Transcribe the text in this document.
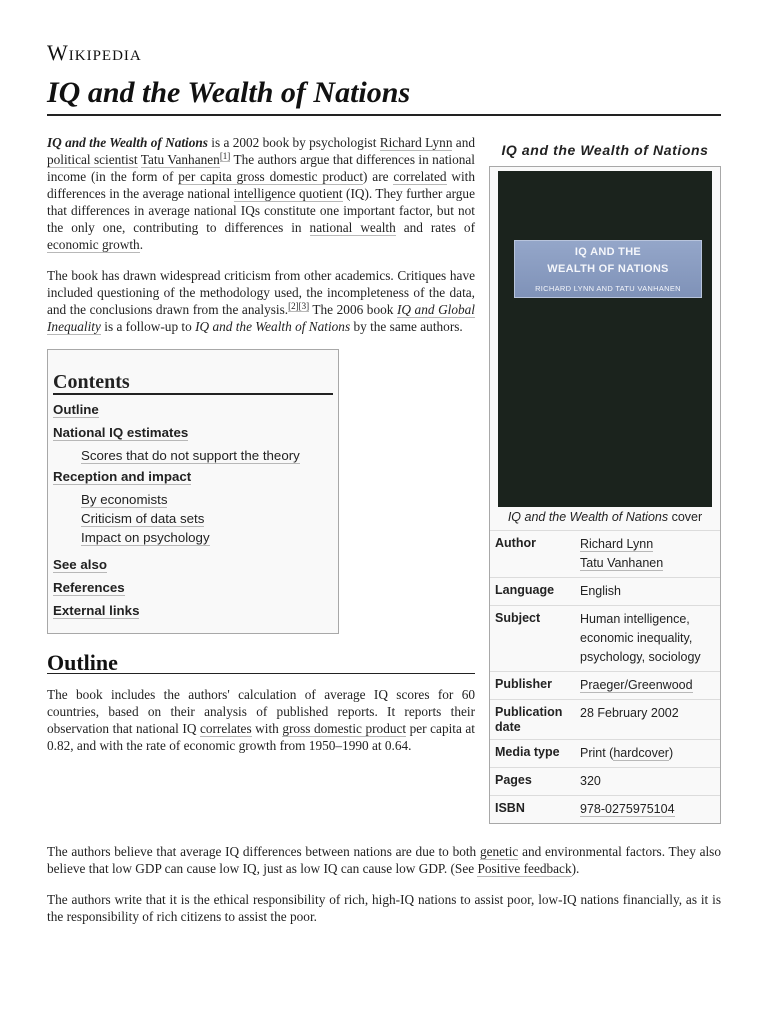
Wikipedia
IQ and the Wealth of Nations

IQ and the Wealth of Nations is a 2002 book by psychologist Richard Lynn and political scientist Tatu Vanhanen[1] The authors argue that differences in national income (in the form of per capita gross domestic product) are correlated with differences in the average national intelligence quotient (IQ). They further argue that differences in average national IQs constitute one important factor, but not the only one, contributing to differences in national wealth and rates of economic growth.

The book has drawn widespread criticism from other academics. Critiques have included questioning of the methodology used, the incompleteness of the data, and the conclusions drawn from the analysis.[2][3] The 2006 book IQ and Global Inequality is a follow-up to IQ and the Wealth of Nations by the same authors.

Contents
Outline
National IQ estimates
Scores that do not support the theory
Reception and impact
By economists
Criticism of data sets
Impact on psychology
See also
References
External links
Outline

The book includes the authors' calculation of average IQ scores for 60 countries, based on their analysis of published reports. It reports their observation that national IQ correlates with gross domestic product per capita at 0.82, and with the rate of economic growth from 1950–1990 at 0.64.

The authors believe that average IQ differences between nations are due to both genetic and environmental factors. They also believe that low GDP can cause low IQ, just as low IQ can cause low GDP. (See Positive feedback).

The authors write that it is the ethical responsibility of rich, high-IQ nations to assist poor, low-IQ nations financially, as it is the responsibility of rich citizens to assist the poor.

IQ and the Wealth of Nations
IQ AND THE
WEALTH OF NATIONS
RICHARD LYNN AND TATU VANHANEN
IQ and the Wealth of Nations cover
Author	Richard Lynn
Tatu Vanhanen
Language	English
Subject	Human intelligence,
economic inequality,
psychology, sociology
Publisher	Praeger/Greenwood
Publication date	28 February 2002
Media type	Print (hardcover)
Pages	320
ISBN	978-0275975104
